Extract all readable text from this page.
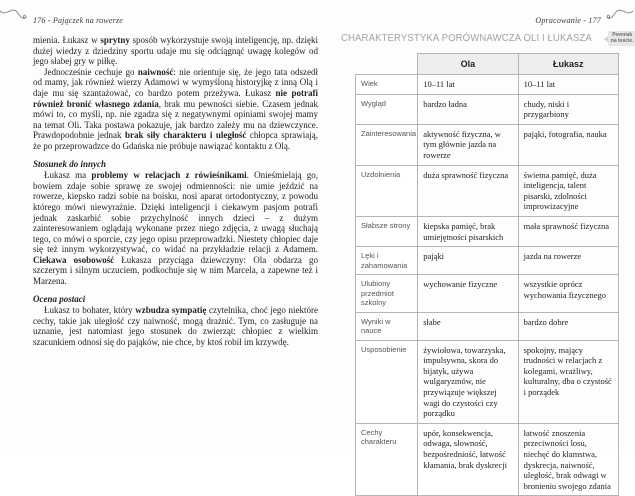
176 - Pajączek na rowerze

mienia. Łukasz w sprytny sposób wykorzystuje swoją inteligencję, np. dzięki dużej wiedzy z dziedziny sportu udaje mu się odciągnąć uwagę kolegów od jego słabej gry w piłkę.

Jednocześnie cechuje go naiwność: nie orientuje się, że jego tata odszedł od mamy, jak również wierzy Adamowi w wymyśloną historyjkę z inną Olą i daje mu się szantażować, co bardzo potem przeżywa. Łukasz nie potrafi również bronić własnego zdania, brak mu pewności siebie. Czasem jednak mówi to, co myśli, np. nie zgadza się z negatywnymi opiniami swojej mamy na temat Oli. Taka postawa pokazuje, jak bardzo zależy mu na dziewczynce. Prawdopodobnie jednak brak siły charakteru i uległość chłopca sprawiają, że po przeprowadzce do Gdańska nie próbuje nawiązać kontaktu z Olą.

Stosunek do innych

Łukasz ma problemy w relacjach z rówieśnikami. Onieśmielają go, bowiem zdaje sobie sprawę ze swojej odmienności: nie umie jeździć na rowerze, kiepsko radzi sobie na boisku, nosi aparat ortodontyczny, z powodu którego mówi niewyraźnie. Dzięki inteligencji i ciekawym pasjom potrafi jednak zaskarbić sobie przychylność innych dzieci – z dużym zainteresowaniem oglądają wykonane przez niego zdjęcia, z uwagą słuchają tego, co mówi o sporcie, czy jego opisu przeprowadzki. Niestety chłopiec daje się też innym wykorzystywać, co widać na przykładzie relacji z Adamem. Ciekawa osobowość Łukasza przyciąga dziewczyny: Ola obdarza go szczerym i silnym uczuciem, podkochuje się w nim Marcela, a zapewne też i Marzena.

Ocena postaci

Łukasz to bohater, który wzbudza sympatię czytelnika, choć jego niektóre cechy, takie jak uległość czy naiwność, mogą drażnić. Tym, co zasługuje na uznanie, jest natomiast jego stosunek do zwierząt: chłopiec z wielkim szacunkiem odnosi się do pająków, nie chce, by ktoś robił im krzywdę.

Opracowanie - 177
CHARAKTERYSTYKA PORÓWNAWCZA OLI I ŁUKASZA	Pewniak
na teście.
	Ola	Łukasz
Wiek	10–11 lat	10–11 lat
Wygląd	bardzo ładna	chudy, niski i przygarbiony
Zainteresowania	aktywność fizyczna, w tym głównie jazda na rowerze	pająki, fotografia, nauka
Uzdolnienia	duża sprawność fizyczna	świetna pamięć, duża inteligencja, talent pisarski, zdolności improwizacyjne
Słabsze strony	kiepska pamięć, brak umiejętności pisarskich	mała sprawność fizyczna
Lęki i zahamowania	pająki	jazda na rowerze
Ulubiony przedmiot szkolny	wychowanie fizyczne	wszystkie oprócz wychowania fizycznego
Wyniki w nauce	słabe	bardzo dobre
Usposobienie	żywiołowa, towarzyska, impulsywna, skora do bijatyk, używa wulgaryzmów, nie przywiązuje większej wagi do czystości czy porządku	spokojny, mający trudności w relacjach z kolegami, wrażliwy, kulturalny, dba o czystość i porządek
Cechy charakteru	upór, konsekwencja, odwaga, słowność, bezpośredniość, łatwość kłamania, brak dyskrecji	łatwość znoszenia przeciwności losu, niechęć do kłamstwa, dyskrecja, naiwność, uległość, brak odwagi w bronieniu swojego zdania
